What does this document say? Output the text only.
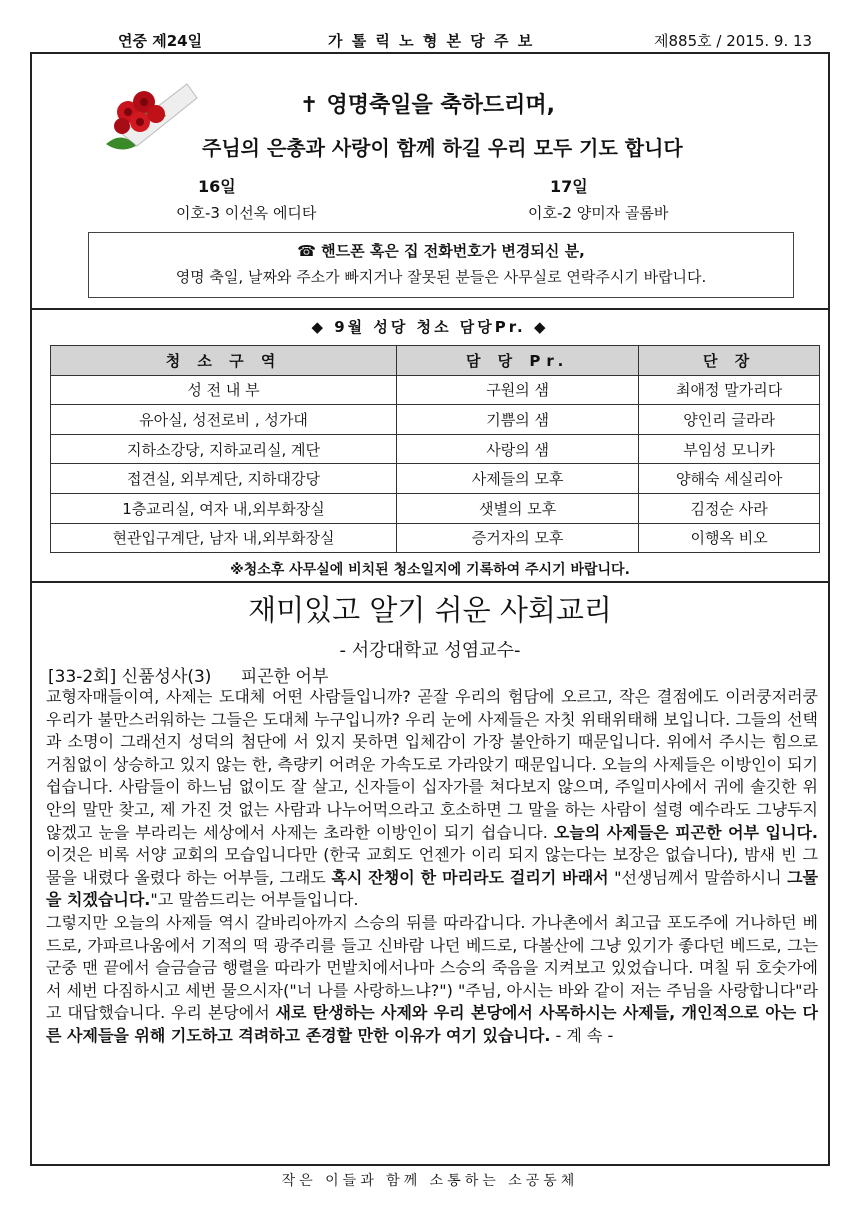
연중 제24일	가 톨 릭 노 형 본 당 주 보	제885호 / 2015. 9. 13
✝ 영명축일을 축하드리며,
주님의 은총과 사랑이 함께 하길 우리 모두 기도 합니다
16일
이호-3 이선옥 에디타
17일
이호-2 양미자 골롬바
☎ 핸드폰 혹은 집 전화번호가 변경되신 분,
영명 축일, 날짜와 주소가 빠지거나 잘못된 분들은 사무실로 연락주시기 바랍니다.
◆ 9월 성당 청소 담당Pr. ◆
청 소 구 역	담 당 Pr.	단 장
성 전 내 부	구원의 샘	최애정 말가리다
유아실, 성전로비 , 성가대	기쁨의 샘	양인리 글라라
지하소강당, 지하교리실, 계단	사랑의 샘	부임성 모니카
접견실, 외부계단, 지하대강당	사제들의 모후	양해숙 세실리아
1층교리실, 여자 내,외부화장실	샛별의 모후	김정순 사라
현관입구계단, 남자 내,외부화장실	증거자의 모후	이행옥 비오
※청소후 사무실에 비치된 청소일지에 기록하여 주시기 바랍니다.
재미있고 알기 쉬운 사회교리
- 서강대학교 성염교수-
[33-2회] 신품성사(3) 피곤한 어부

교형자매들이여, 사제는 도대체 어떤 사람들입니까? 곧잘 우리의 험담에 오르고, 작은 결점에도 이러쿵저러쿵 우리가 불만스러워하는 그들은 도대체 누구입니까? 우리 눈에 사제들은 자칫 위태위태해 보입니다. 그들의 선택과 소명이 그래선지 성덕의 첨단에 서 있지 못하면 입체감이 가장 불안하기 때문입니다. 위에서 주시는 힘으로 거침없이 상승하고 있지 않는 한, 측량키 어려운 가속도로 가라앉기 때문입니다. 오늘의 사제들은 이방인이 되기 쉽습니다. 사람들이 하느님 없이도 잘 살고, 신자들이 십자가를 쳐다보지 않으며, 주일미사에서 귀에 솔깃한 위안의 말만 찾고, 제 가진 것 없는 사람과 나누어먹으라고 호소하면 그 말을 하는 사람이 설령 예수라도 그냥두지 않겠고 눈을 부라리는 세상에서 사제는 초라한 이방인이 되기 쉽습니다. 오늘의 사제들은 피곤한 어부 입니다. 이것은 비록 서양 교회의 모습입니다만 (한국 교회도 언젠가 이리 되지 않는다는 보장은 없습니다), 밤새 빈 그물을 내렸다 올렸다 하는 어부들, 그래도 혹시 잔챙이 한 마리라도 걸리기 바래서 "선생님께서 말씀하시니 그물을 치겠습니다."고 말씀드리는 어부들입니다.

그렇지만 오늘의 사제들 역시 갈바리아까지 스승의 뒤를 따라갑니다. 가나촌에서 최고급 포도주에 거나하던 베드로, 가파르나움에서 기적의 떡 광주리를 들고 신바람 나던 베드로, 다볼산에 그냥 있기가 좋다던 베드로, 그는 군중 맨 끝에서 슬금슬금 행렬을 따라가 먼발치에서나마 스승의 죽음을 지켜보고 있었습니다. 며칠 뒤 호숫가에서 세번 다짐하시고 세번 물으시자("너 나를 사랑하느냐?") "주님, 아시는 바와 같이 저는 주님을 사랑합니다"라고 대답했습니다. 우리 본당에서 새로 탄생하는 사제와 우리 본당에서 사목하시는 사제들, 개인적으로 아는 다른 사제들을 위해 기도하고 격려하고 존경할 만한 이유가 여기 있습니다. - 계 속 -

작은 이들과 함께 소통하는 소공동체
